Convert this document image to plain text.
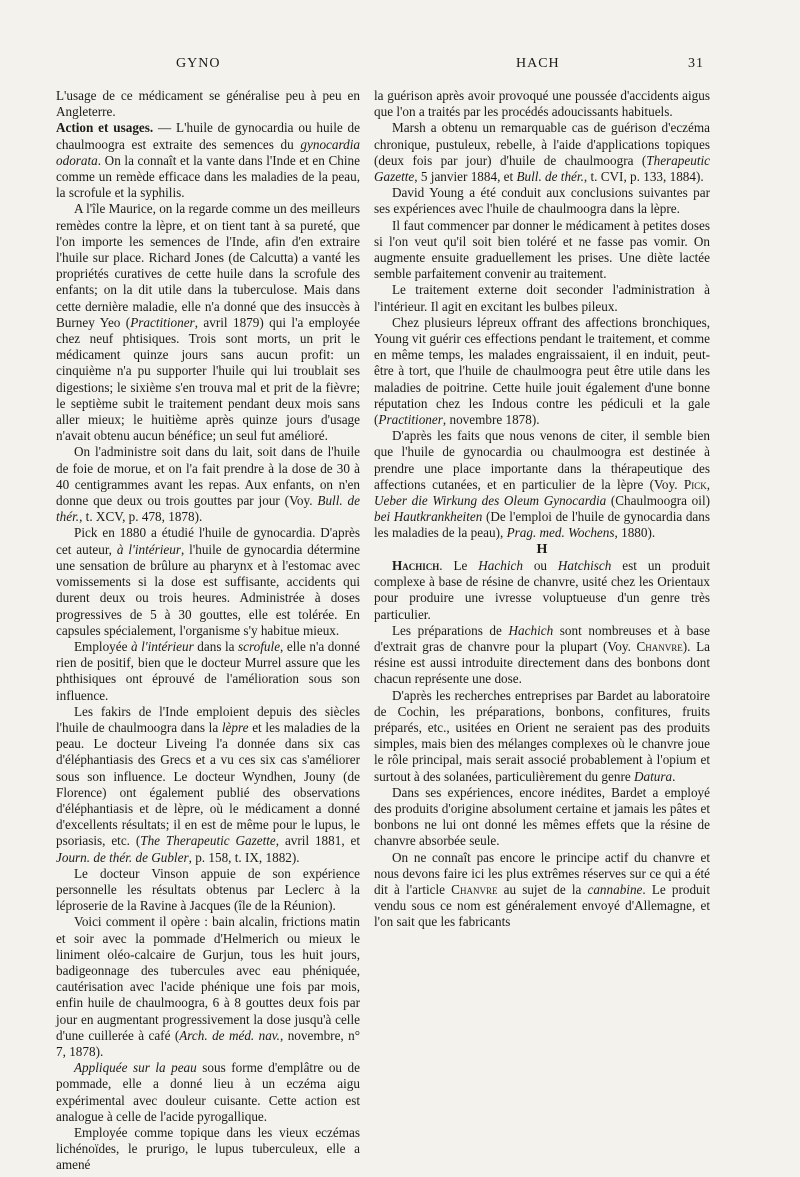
GYNO	HACH	31

L'usage de ce médicament se généralise peu à peu en Angleterre.

Action et usages. — L'huile de gynocardia ou huile de chaulmoogra est extraite des semences du gynocardia odorata. On la connaît et la vante dans l'Inde et en Chine comme un remède efficace dans les maladies de la peau, la scrofule et la syphilis.

A l'île Maurice, on la regarde comme un des meilleurs remèdes contre la lèpre, et on tient tant à sa pureté, que l'on importe les semences de l'Inde, afin d'en extraire l'huile sur place. Richard Jones (de Calcutta) a vanté les propriétés curatives de cette huile dans la scrofule des enfants; on la dit utile dans la tuberculose. Mais dans cette dernière maladie, elle n'a donné que des insuccès à Burney Yeo (Practitioner, avril 1879) qui l'a employée chez neuf phtisiques. Trois sont morts, un prit le médicament quinze jours sans aucun profit: un cinquième n'a pu supporter l'huile qui lui troublait ses digestions; le sixième s'en trouva mal et prit de la fièvre; le septième subit le traitement pendant deux mois sans aller mieux; le huitième après quinze jours d'usage n'avait obtenu aucun bénéfice; un seul fut amélioré.

On l'administre soit dans du lait, soit dans de l'huile de foie de morue, et on l'a fait prendre à la dose de 30 à 40 centigrammes avant les repas. Aux enfants, on n'en donne que deux ou trois gouttes par jour (Voy. Bull. de thér., t. XCV, p. 478, 1878).

Pick en 1880 a étudié l'huile de gynocardia. D'après cet auteur, à l'intérieur, l'huile de gynocardia détermine une sensation de brûlure au pharynx et à l'estomac avec vomissements si la dose est suffisante, accidents qui durent deux ou trois heures. Administrée à doses progressives de 5 à 30 gouttes, elle est tolérée. En capsules spécialement, l'organisme s'y habitue mieux.

Employée à l'intérieur dans la scrofule, elle n'a donné rien de positif, bien que le docteur Murrel assure que les phthisiques ont éprouvé de l'amélioration sous son influence.

Les fakirs de l'Inde emploient depuis des siècles l'huile de chaulmoogra dans la lèpre et les maladies de la peau. Le docteur Liveing l'a donnée dans six cas d'éléphantiasis des Grecs et a vu ces six cas s'améliorer sous son influence. Le docteur Wyndhen, Jouny (de Florence) ont également publié des observations d'éléphantiasis et de lèpre, où le médicament a donné d'excellents résultats; il en est de même pour le lupus, le psoriasis, etc. (The Therapeutic Gazette, avril 1881, et Journ. de thér. de Gubler, p. 158, t. IX, 1882).

Le docteur Vinson appuie de son expérience personnelle les résultats obtenus par Leclerc à la léproserie de la Ravine à Jacques (île de la Réunion).

Voici comment il opère : bain alcalin, frictions matin et soir avec la pommade d'Helmerich ou mieux le liniment oléo-calcaire de Gurjun, tous les huit jours, badigeonnage des tubercules avec eau phéniquée, cautérisation avec l'acide phénique une fois par mois, enfin huile de chaulmoogra, 6 à 8 gouttes deux fois par jour en augmentant progressivement la dose jusqu'à celle d'une cuillerée à café (Arch. de méd. nav., novembre, n° 7, 1878).

Appliquée sur la peau sous forme d'emplâtre ou de pommade, elle a donné lieu à un eczéma aigu expérimental avec douleur cuisante. Cette action est analogue à celle de l'acide pyrogallique.

Employée comme topique dans les vieux eczémas lichénoïdes, le prurigo, le lupus tuberculeux, elle a amené

la guérison après avoir provoqué une poussée d'accidents aigus que l'on a traités par les procédés adoucissants habituels.

Marsh a obtenu un remarquable cas de guérison d'eczéma chronique, pustuleux, rebelle, à l'aide d'applications topiques (deux fois par jour) d'huile de chaulmoogra (Therapeutic Gazette, 5 janvier 1884, et Bull. de thér., t. CVI, p. 133, 1884).

David Young a été conduit aux conclusions suivantes par ses expériences avec l'huile de chaulmoogra dans la lèpre.

Il faut commencer par donner le médicament à petites doses si l'on veut qu'il soit bien toléré et ne fasse pas vomir. On augmente ensuite graduellement les prises. Une diète lactée semble parfaitement convenir au traitement.

Le traitement externe doit seconder l'administration à l'intérieur. Il agit en excitant les bulbes pileux.

Chez plusieurs lépreux offrant des affections bronchiques, Young vit guérir ces effections pendant le traitement, et comme en même temps, les malades engraissaient, il en induit, peut-être à tort, que l'huile de chaulmoogra peut être utile dans les maladies de poitrine. Cette huile jouit également d'une bonne réputation chez les Indous contre les pédiculi et la gale (Practitioner, novembre 1878).

D'après les faits que nous venons de citer, il semble bien que l'huile de gynocardia ou chaulmoogra est destinée à prendre une place importante dans la thérapeutique des affections cutanées, et en particulier de la lèpre (Voy. Pick, Ueber die Wirkung des Oleum Gynocardia (Chaulmoogra oil) bei Hautkrankheiten (De l'emploi de l'huile de gynocardia dans les maladies de la peau), Prag. med. Wochens, 1880).

H

Hachich. Le Hachich ou Hatchisch est un produit complexe à base de résine de chanvre, usité chez les Orientaux pour produire une ivresse voluptueuse d'un genre très particulier.

Les préparations de Hachich sont nombreuses et à base d'extrait gras de chanvre pour la plupart (Voy. Chanvre). La résine est aussi introduite directement dans des bonbons dont chacun représente une dose.

D'après les recherches entreprises par Bardet au laboratoire de Cochin, les préparations, bonbons, confitures, fruits préparés, etc., usitées en Orient ne seraient pas des produits simples, mais bien des mélanges complexes où le chanvre joue le rôle principal, mais serait associé probablement à l'opium et surtout à des solanées, particulièrement du genre Datura.

Dans ses expériences, encore inédites, Bardet a employé des produits d'origine absolument certaine et jamais les pâtes et bonbons ne lui ont donné les mêmes effets que la résine de chanvre absorbée seule.

On ne connaît pas encore le principe actif du chanvre et nous devons faire ici les plus extrêmes réserves sur ce qui a été dit à l'article Chanvre au sujet de la cannabine. Le produit vendu sous ce nom est généralement envoyé d'Allemagne, et l'on sait que les fabricants
